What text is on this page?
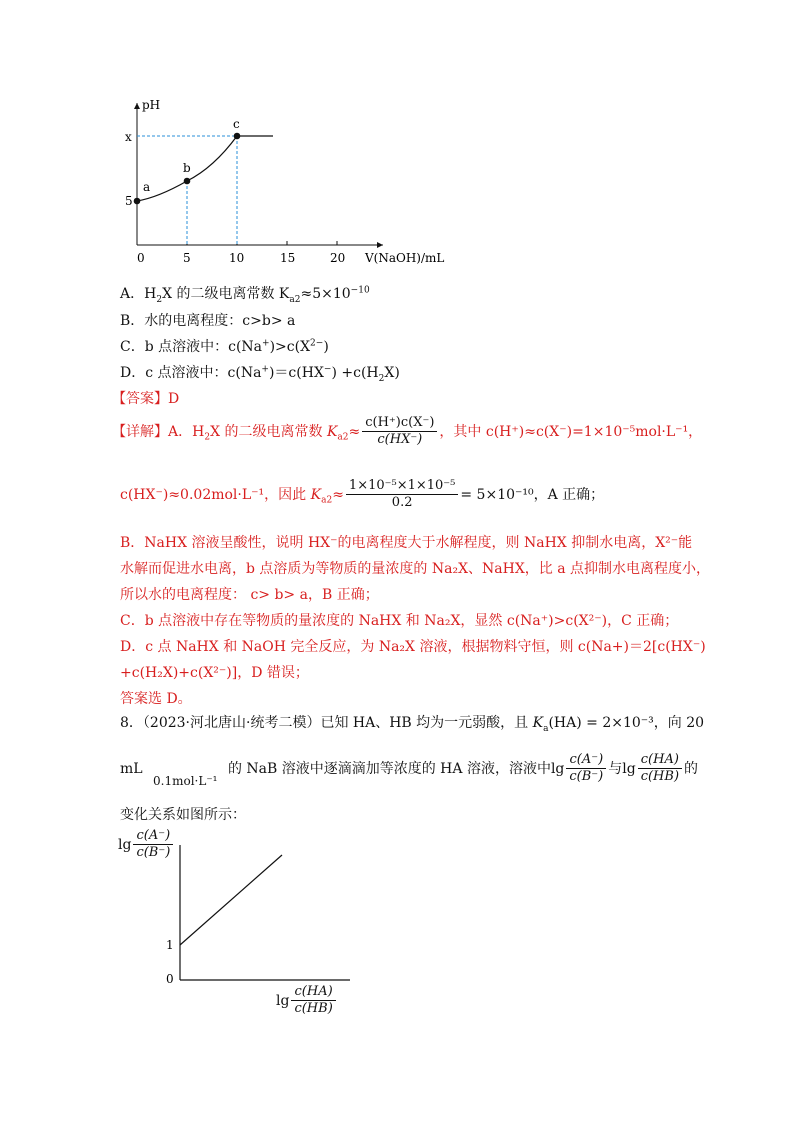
pH
0	5	10	15	20 V(NaOH)/mL
5
x
a
b
c
A．$H_2X$ 的二级电离常数 $K_{a2}\approx 5\times 10^{-10}$
B．水的电离程度：c>b> a
C．b 点溶液中：$c(Na^+)>c(X^{2-})$
D．c 点溶液中：$c(Na^+)=c(HX^-) +c(H_2X)$
【答案】D
【详解】A．$H_2X$ 的二级电离常数 $K_{a2}\approx \frac{c(H^+)c(X^-)}{c(HX^-)}$ ，其中 c(H⁺)≈c(X⁻)=1×10⁻⁵mol·L⁻¹，
c(HX⁻)≈0.02mol·L⁻¹，因此 $K_{a2}\approx \frac{\text{1×10⁻⁵×1×10⁻⁵}}{0.2} = 5\times 10^{-10}$，A 正确；
B．NaHX 溶液呈酸性，说明 HX⁻的电离程度大于水解程度，则 NaHX 抑制水电离，X²⁻能
水解而促进水电离，b 点溶质为等物质的量浓度的 Na₂X、NaHX，比 a 点抑制水电离程度小，
所以水的电离程度： c> b> a，B 正确；
C．b 点溶液中存在等物质的量浓度的 NaHX 和 Na₂X，显然 c(Na⁺)>c(X²⁻)，C 正确；
D．c 点 NaHX 和 NaOH 完全反应，为 Na₂X 溶液，根据物料守恒，则 c(Na+)＝2[c(HX⁻)
+c(H₂X)+c(X²⁻)]，D 错误；
答案选 D。
8．（2023·河北唐山·统考二模）已知 HA、HB 均为一元弱酸，且 $K_a(HA) = 2\times 10^{-3}$，向 20
mL 0.1mol·L⁻¹ 的 NaB 溶液中逐滴滴加等浓度的 HA 溶液，溶液中$\lg \frac{c(A^-)}{c(B^-)}$ 与$\lg \frac{c(HA)}{c(HB)}$ 的
变化关系如图所示：
$\lg \frac{c(A^-)}{c(B^-)}$
0
1
$\lg \frac{c(HA)}{c(HB)}$
